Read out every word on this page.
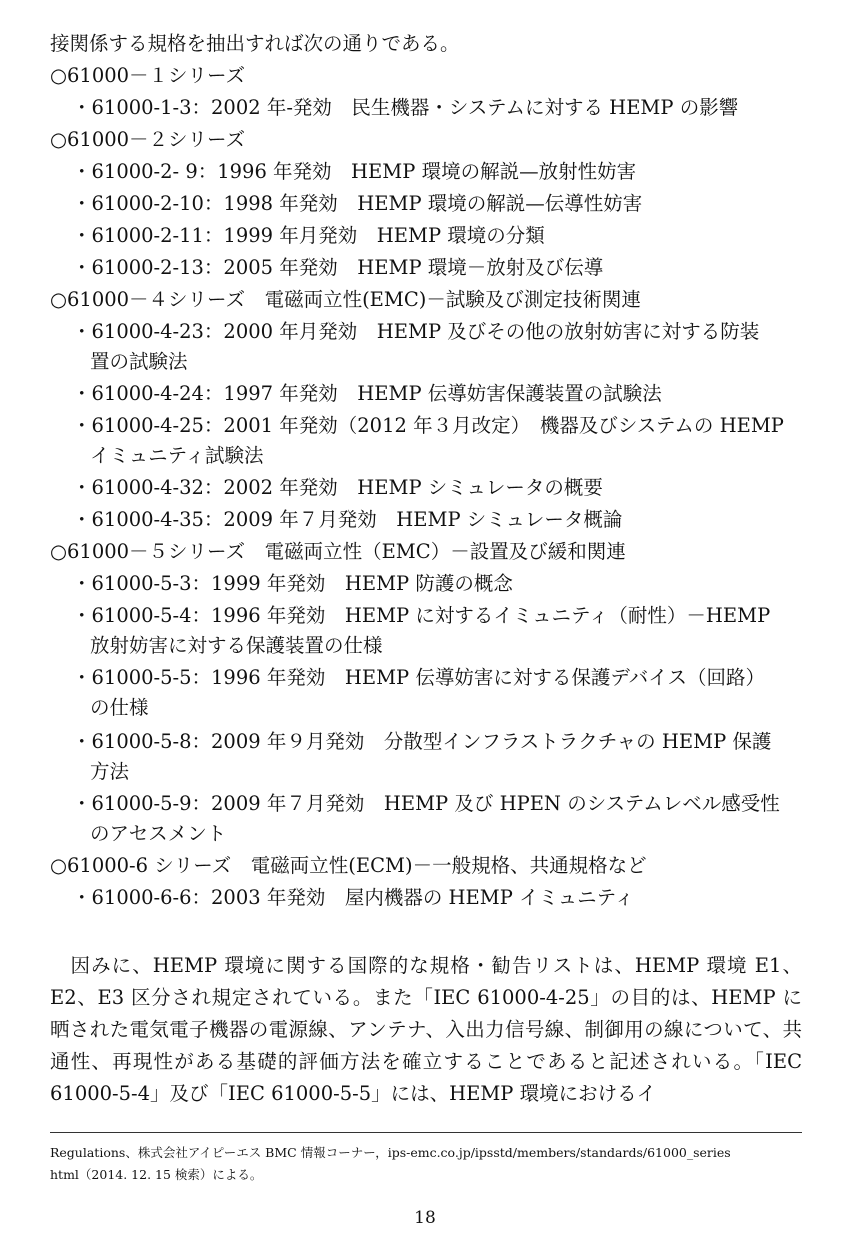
接関係する規格を抽出すれば次の通りである。
○61000－１シリーズ
・61000-1-3：2002 年-発効　民生機器・システムに対する HEMP の影響
○61000－２シリーズ
・61000-2- 9：1996 年発効　HEMP 環境の解説—放射性妨害
・61000-2-10：1998 年発効　HEMP 環境の解説—伝導性妨害
・61000-2-11：1999 年月発効　HEMP 環境の分類
・61000-2-13：2005 年発効　HEMP 環境－放射及び伝導
○61000－４シリーズ　電磁両立性(EMC)－試験及び測定技術関連
・61000-4-23：2000 年月発効　HEMP 及びその他の放射妨害に対する防装
置の試験法
・61000-4-24：1997 年発効　HEMP 伝導妨害保護装置の試験法
・61000-4-25：2001 年発効（2012 年３月改定）　機器及びシステムの HEMP
イミュニティ試験法
・61000-4-32：2002 年発効　HEMP シミュレータの概要
・61000-4-35：2009 年７月発効　HEMP シミュレータ概論
○61000－５シリーズ　電磁両立性（EMC）－設置及び緩和関連
・61000-5-3：1999 年発効　HEMP 防護の概念
・61000-5-4：1996 年発効　HEMP に対するイミュニティ（耐性）－HEMP
放射妨害に対する保護装置の仕様
・61000-5-5：1996 年発効　HEMP 伝導妨害に対する保護デバイス（回路）
の仕様
・61000-5-8：2009 年９月発効　分散型インフラストラクチャの HEMP 保護
方法
・61000-5-9：2009 年７月発効　HEMP 及び HPEN のシステムレベル感受性
のアセスメント
○61000-6 シリーズ　電磁両立性(ECM)－一般規格、共通規格など
・61000-6-6：2003 年発効　屋内機器の HEMP イミュニティ
　因みに、HEMP 環境に関する国際的な規格・勧告リストは、HEMP 環境 E1、E2、E3 区分され規定されている。また「IEC 61000-4-25」の目的は、HEMP に晒された電気電子機器の電源線、アンテナ、入出力信号線、制御用の線について、共通性、再現性がある基礎的評価方法を確立することであると記述されいる。「IEC 61000-5-4」及び「IEC 61000-5-5」には、HEMP 環境におけるイ
Regulations、株式会社アイピーエス BMC 情報コーナー，ips-emc.co.jp/ipsstd/members/standards/61000_series
html（2014. 12. 15 検索）による。
18
